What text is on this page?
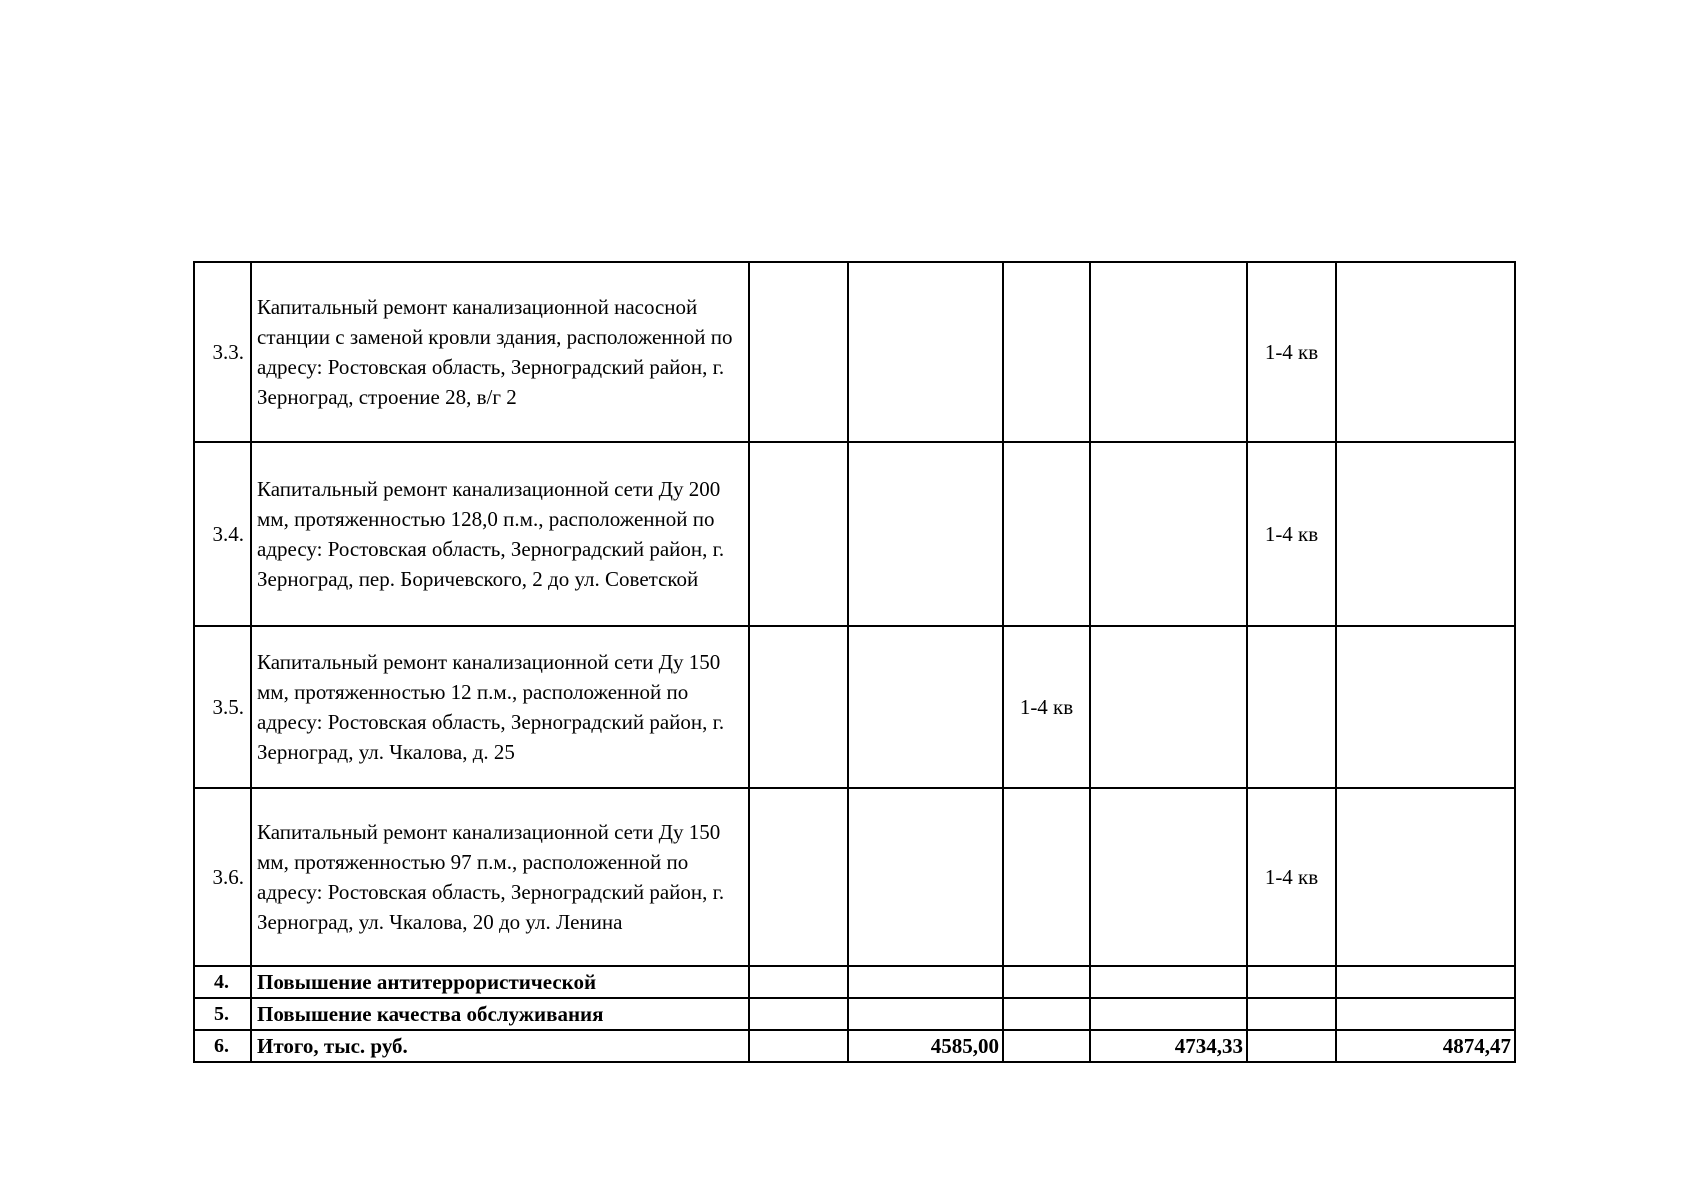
3.3.	Капитальный ремонт канализационной насосной станции с заменой кровли здания, расположенной по адресу: Ростовская область, Зерноградский район, г. Зерноград, строение 28, в/г 2					1-4 кв	
3.4.	Капитальный ремонт канализационной сети Ду 200 мм, протяженностью 128,0 п.м., расположенной по адресу: Ростовская область, Зерноградский район, г. Зерноград, пер. Боричевского, 2 до ул. Советской					1-4 кв	
3.5.	Капитальный ремонт канализационной сети Ду 150 мм, протяженностью 12 п.м., расположенной по адресу: Ростовская область, Зерноградский район, г. Зерноград, ул. Чкалова, д. 25			1-4 кв			
3.6.	Капитальный ремонт канализационной сети Ду 150 мм, протяженностью 97 п.м., расположенной по адресу: Ростовская область, Зерноградский район, г. Зерноград, ул. Чкалова, 20 до ул. Ленина					1-4 кв	
4.	Повышение антитеррористической						
5.	Повышение качества обслуживания						
6.	Итого, тыс. руб.		4585,00		4734,33		4874,47
